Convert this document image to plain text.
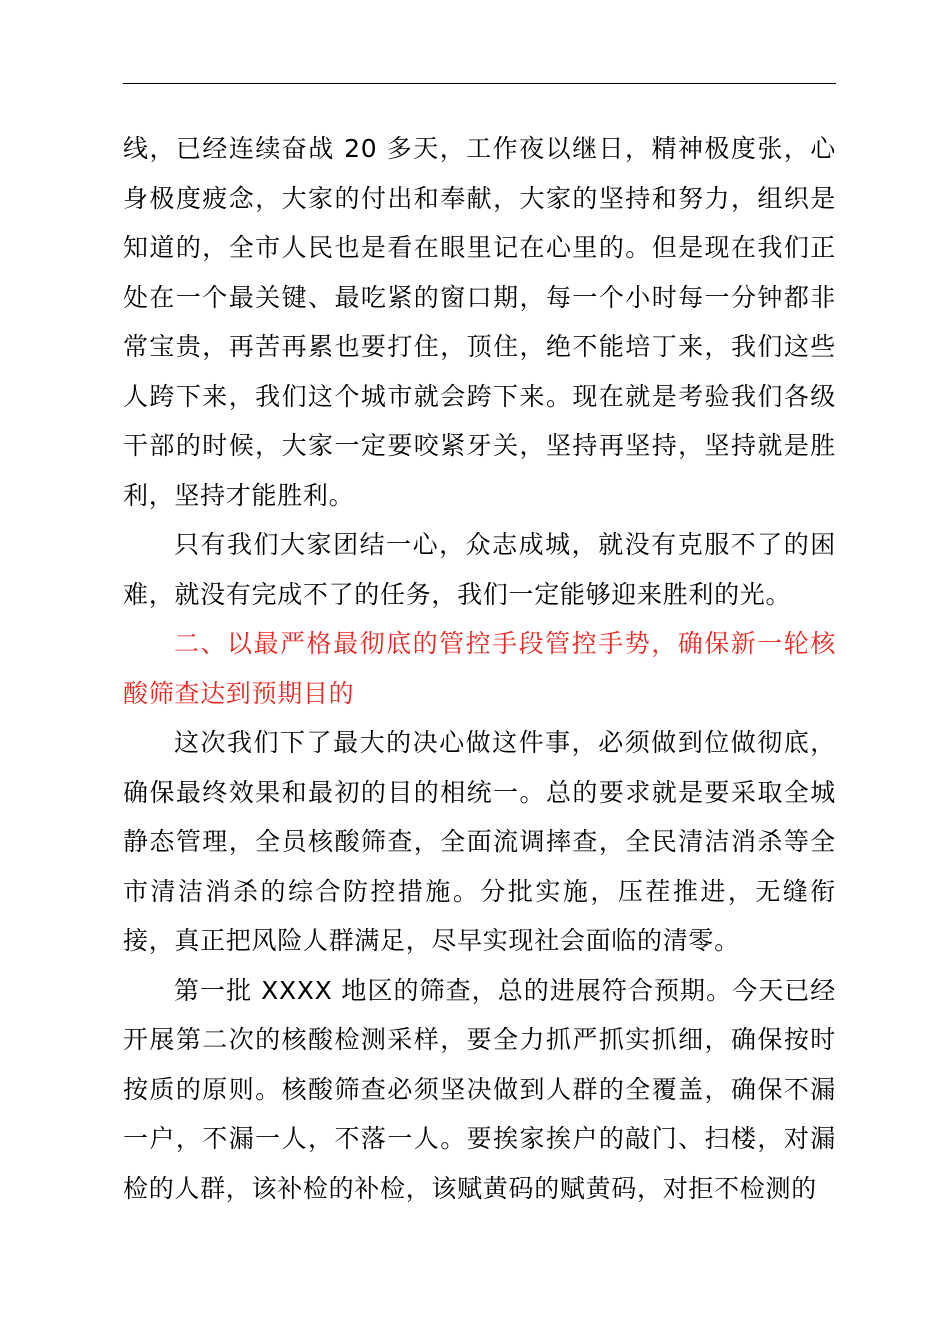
线，已经连续奋战 20 多天，工作夜以继日，精神极度张，心身极度疲念，大家的付出和奉献，大家的坚持和努力，组织是知道的，全市人民也是看在眼里记在心里的。但是现在我们正处在一个最关键、最吃紧的窗口期，每一个小时每一分钟都非常宝贵，再苦再累也要打住，顶住，绝不能培丁来，我们这些人跨下来，我们这个城市就会跨下来。现在就是考验我们各级干部的时候，大家一定要咬紧牙关，坚持再坚持，坚持就是胜利，坚持才能胜利。

只有我们大家团结一心，众志成城，就没有克服不了的困难，就没有完成不了的任务，我们一定能够迎来胜利的光。

二、以最严格最彻底的管控手段管控手势，确保新一轮核酸筛查达到预期目的

这次我们下了最大的决心做这件事，必须做到位做彻底，确保最终效果和最初的目的相统一。总的要求就是要采取全城静态管理，全员核酸筛查，全面流调摔查，全民清洁消杀等全市清洁消杀的综合防控措施。分批实施，压茬推进，无缝衔接，真正把风险人群满足，尽早实现社会面临的清零。

第一批 XXXX 地区的筛查，总的进展符合预期。今天已经开展第二次的核酸检测采样，要全力抓严抓实抓细，确保按时按质的原则。核酸筛查必须坚决做到人群的全覆盖，确保不漏一户，不漏一人，不落一人。要挨家挨户的敲门、扫楼，对漏检的人群，该补检的补检，该赋黄码的赋黄码，对拒不检测的
